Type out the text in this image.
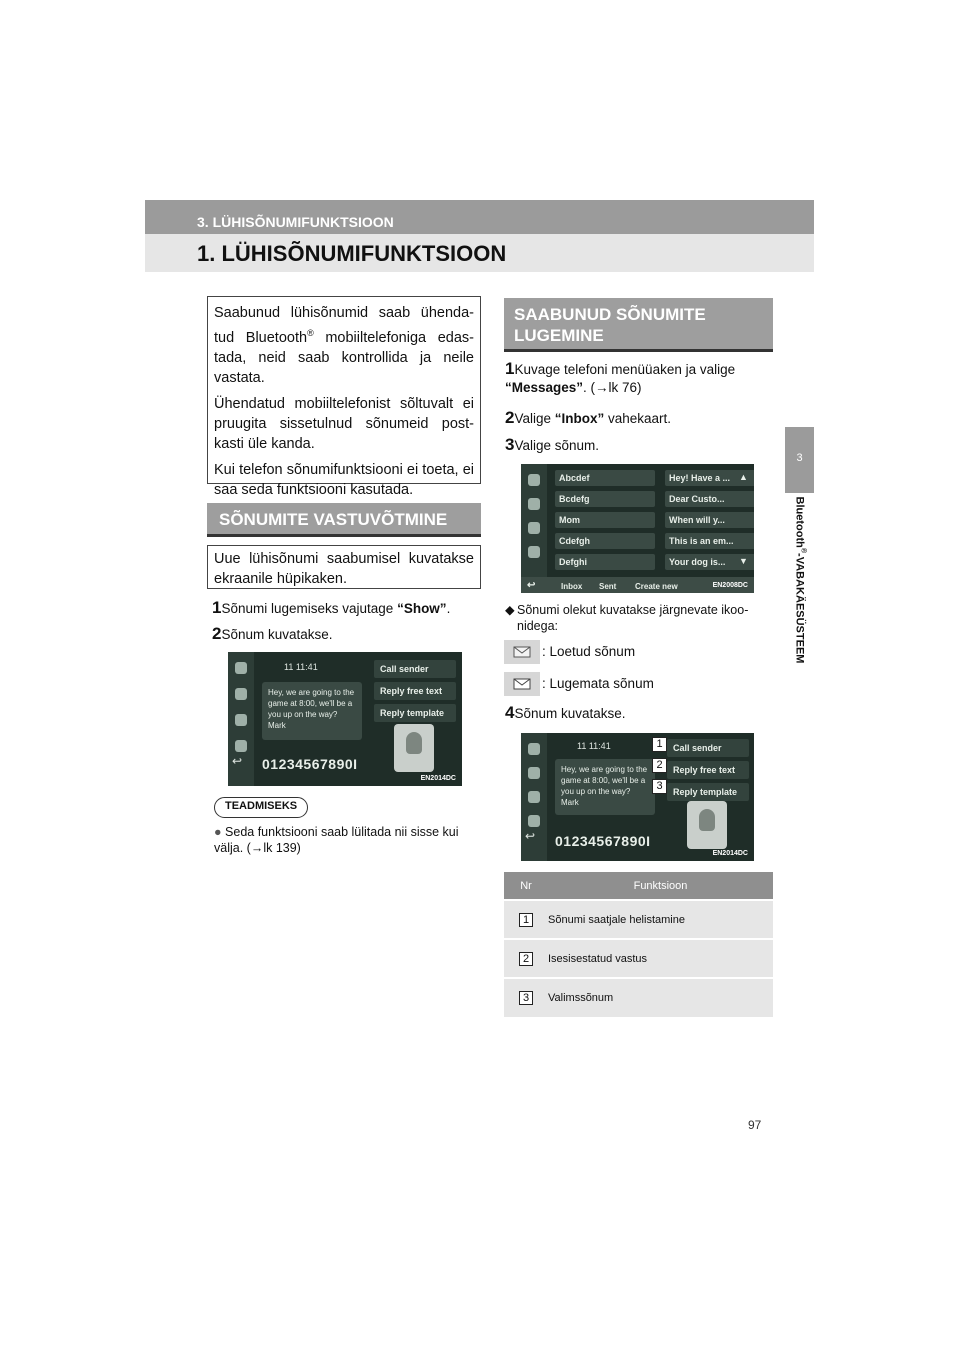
3. LÜHISÕNUMIFUNKTSIOON
1. LÜHISÕNUMIFUNKTSIOON
3
Bluetooth®-VABAKÄESÜSTEEM

Saabunud lühisõnumid saab ühenda-tud Bluetooth® mobiiltelefoniga edas-tada, neid saab kontrollida ja neile vastata.

Ühendatud mobiiltelefonist sõltuvalt ei pruugita sissetulnud sõnumeid post-kasti üle kanda.

Kui telefon sõnumifunktsiooni ei toeta, ei saa seda funktsiooni kasutada.

SÕNUMITE VASTUVÕTMINE
Uue lühisõnumi saabumisel kuvatakse ekraanile hüpikaken.
1Sõnumi lugemiseks vajutage “Show”.
2Sõnum kuvatakse.
11 11:41
Hey, we are going to the game at 8:00, we'll be a you up on the way? Mark
Call sender
Reply free text
Reply template
↩ 01234567890I
EN2014DC
TEADMISEKS
● Seda funktsiooni saab lülitada nii sisse kui välja. (→lk 139)
SAABUNUD SÕNUMITE
LUGEMINE
1Kuvage telefoni menüüaken ja valige “Messages”. (→lk 76)
2Valige “Inbox” vahekaart.
3Valige sõnum.
Abcdef	Hey! Have a ...
Bcdefg	Dear Custo...
Mom	When will y...
Cdefgh	This is an em...
Defghi	Your dog is...
▲
▼
↩	Inbox Sent Create new	EN2008DC
◆ Sõnumi olekut kuvatakse järgnevate ikoo-nidega:
: Loetud sõnum
: Lugemata sõnum
4Sõnum kuvatakse.
11 11:41
Hey, we are going to the game at 8:00, we'll be a you up on the way? Mark
Call sender
Reply free text
Reply template
↩ 01234567890I
EN2014DC
1
2
3
Nr	Funktsioon
1	Sõnumi saatjale helistamine
2	Isesisestatud vastus
3	Valimssõnum
97
